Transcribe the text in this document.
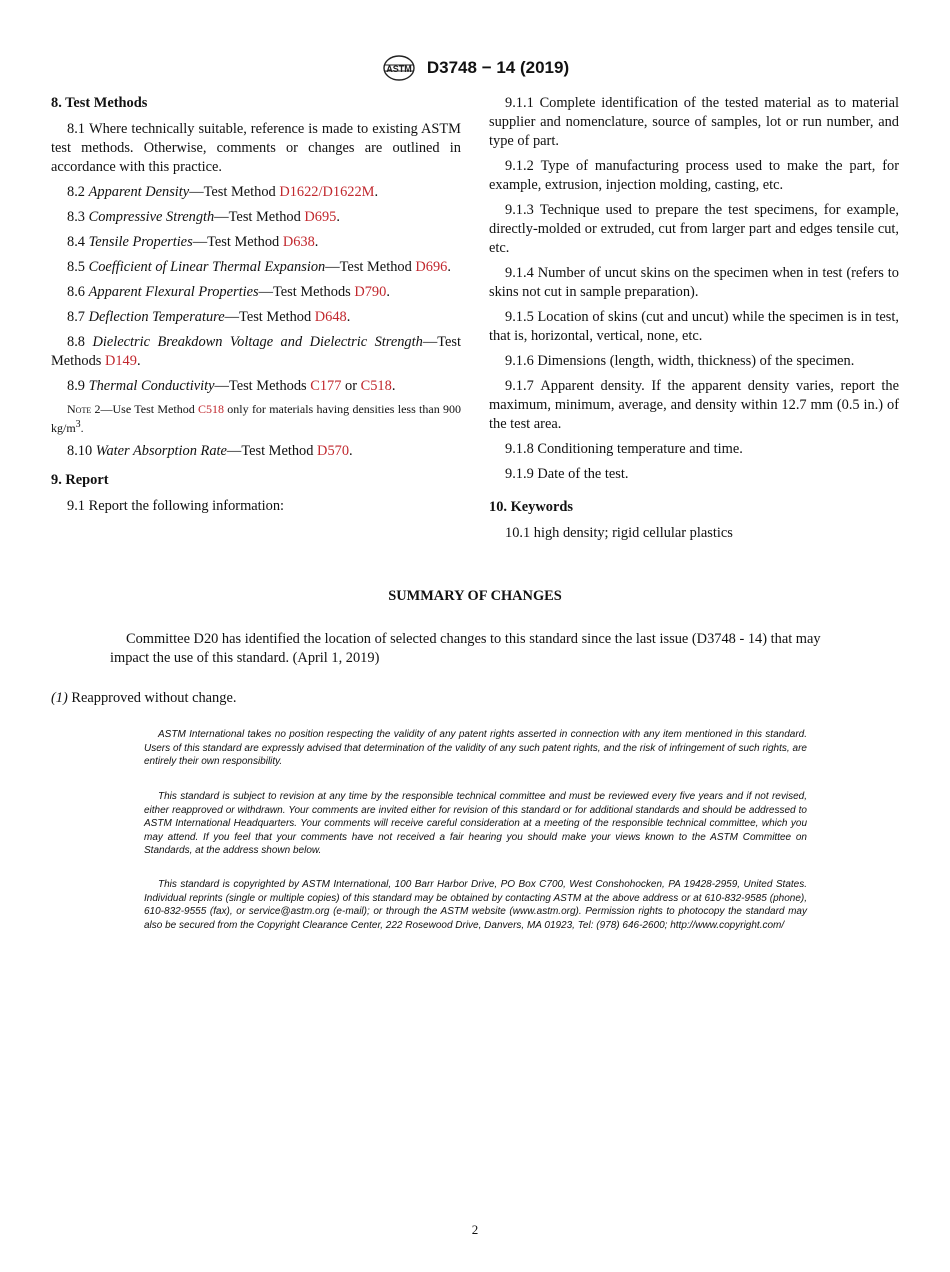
ASTM D3748 − 14 (2019)
8. Test Methods

8.1 Where technically suitable, reference is made to existing ASTM test methods. Otherwise, comments or changes are outlined in accordance with this practice.

8.2 Apparent Density—Test Method D1622/D1622M.

8.3 Compressive Strength—Test Method D695.

8.4 Tensile Properties—Test Method D638.

8.5 Coefficient of Linear Thermal Expansion—Test Method D696.

8.6 Apparent Flexural Properties—Test Methods D790.

8.7 Deflection Temperature—Test Method D648.

8.8 Dielectric Breakdown Voltage and Dielectric Strength—Test Methods D149.

8.9 Thermal Conductivity—Test Methods C177 or C518.

Note 2—Use Test Method C518 only for materials having densities less than 900 $kg/m^3$.

8.10 Water Absorption Rate—Test Method D570.

9. Report

9.1 Report the following information:

9.1.1 Complete identification of the tested material as to material supplier and nomenclature, source of samples, lot or run number, and type of part.

9.1.2 Type of manufacturing process used to make the part, for example, extrusion, injection molding, casting, etc.

9.1.3 Technique used to prepare the test specimens, for example, directly-molded or extruded, cut from larger part and edges tensile cut, etc.

9.1.4 Number of uncut skins on the specimen when in test (refers to skins not cut in sample preparation).

9.1.5 Location of skins (cut and uncut) while the specimen is in test, that is, horizontal, vertical, none, etc.

9.1.6 Dimensions (length, width, thickness) of the specimen.

9.1.7 Apparent density. If the apparent density varies, report the maximum, minimum, average, and density within 12.7 mm (0.5 in.) of the test area.

9.1.8 Conditioning temperature and time.

9.1.9 Date of the test.

10. Keywords

10.1 high density; rigid cellular plastics

SUMMARY OF CHANGES
Committee D20 has identified the location of selected changes to this standard since the last issue (D3748 - 14) that may impact the use of this standard. (April 1, 2019)
(1) Reapproved without change.
ASTM International takes no position respecting the validity of any patent rights asserted in connection with any item mentioned in this standard. Users of this standard are expressly advised that determination of the validity of any such patent rights, and the risk of infringement of such rights, are entirely their own responsibility.
This standard is subject to revision at any time by the responsible technical committee and must be reviewed every five years and if not revised, either reapproved or withdrawn. Your comments are invited either for revision of this standard or for additional standards and should be addressed to ASTM International Headquarters. Your comments will receive careful consideration at a meeting of the responsible technical committee, which you may attend. If you feel that your comments have not received a fair hearing you should make your views known to the ASTM Committee on Standards, at the address shown below.
This standard is copyrighted by ASTM International, 100 Barr Harbor Drive, PO Box C700, West Conshohocken, PA 19428-2959, United States. Individual reprints (single or multiple copies) of this standard may be obtained by contacting ASTM at the above address or at 610-832-9585 (phone), 610-832-9555 (fax), or service@astm.org (e-mail); or through the ASTM website (www.astm.org). Permission rights to photocopy the standard may also be secured from the Copyright Clearance Center, 222 Rosewood Drive, Danvers, MA 01923, Tel: (978) 646-2600; http://www.copyright.com/
2
